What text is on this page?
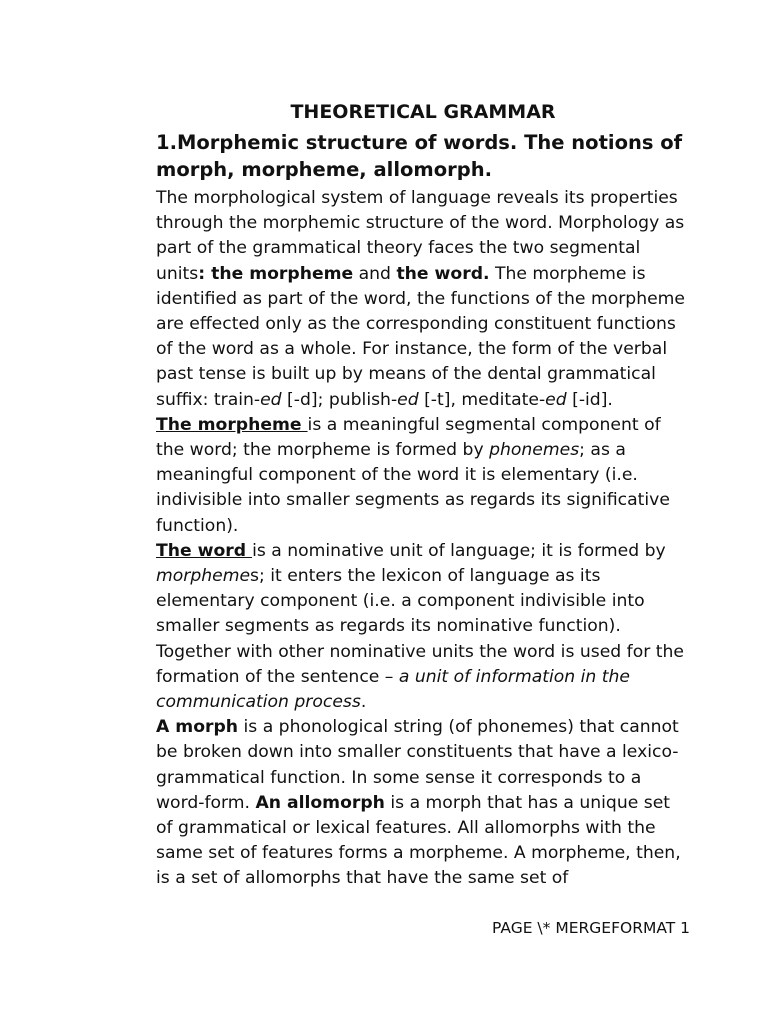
THEORETICAL GRAMMAR
1.Morphemic structure of words. The notions of morph, morpheme, allomorph.

The morphological system of language reveals its properties through the morphemic structure of the word. Morphology as part of the grammatical theory faces the two segmental units: the morpheme and the word. The morpheme is identified as part of the word, the functions of the morpheme are effected only as the corresponding constituent functions of the word as a whole. For instance, the form of the verbal past tense is built up by means of the dental grammatical suffix: train-ed [-d]; publish-ed [-t], meditate-ed [-id].

The morpheme is a meaningful segmental component of the word; the morpheme is formed by phonemes; as a meaningful component of the word it is elementary (i.e. indivisible into smaller segments as regards its significative function).

The word is a nominative unit of language; it is formed by morphemes; it enters the lexicon of language as its elementary component (i.e. a component indivisible into smaller segments as regards its nominative function). Together with other nominative units the word is used for the formation of the sentence – a unit of information in the communication process.

A morph is a phonological string (of phonemes) that cannot be broken down into smaller constituents that have a lexico-grammatical function. In some sense it corresponds to a word-form. An allomorph is a morph that has a unique set of grammatical or lexical features. All allomorphs with the same set of features forms a morpheme. A morpheme, then, is a set of allomorphs that have the same set of

PAGE \* MERGEFORMAT 1
